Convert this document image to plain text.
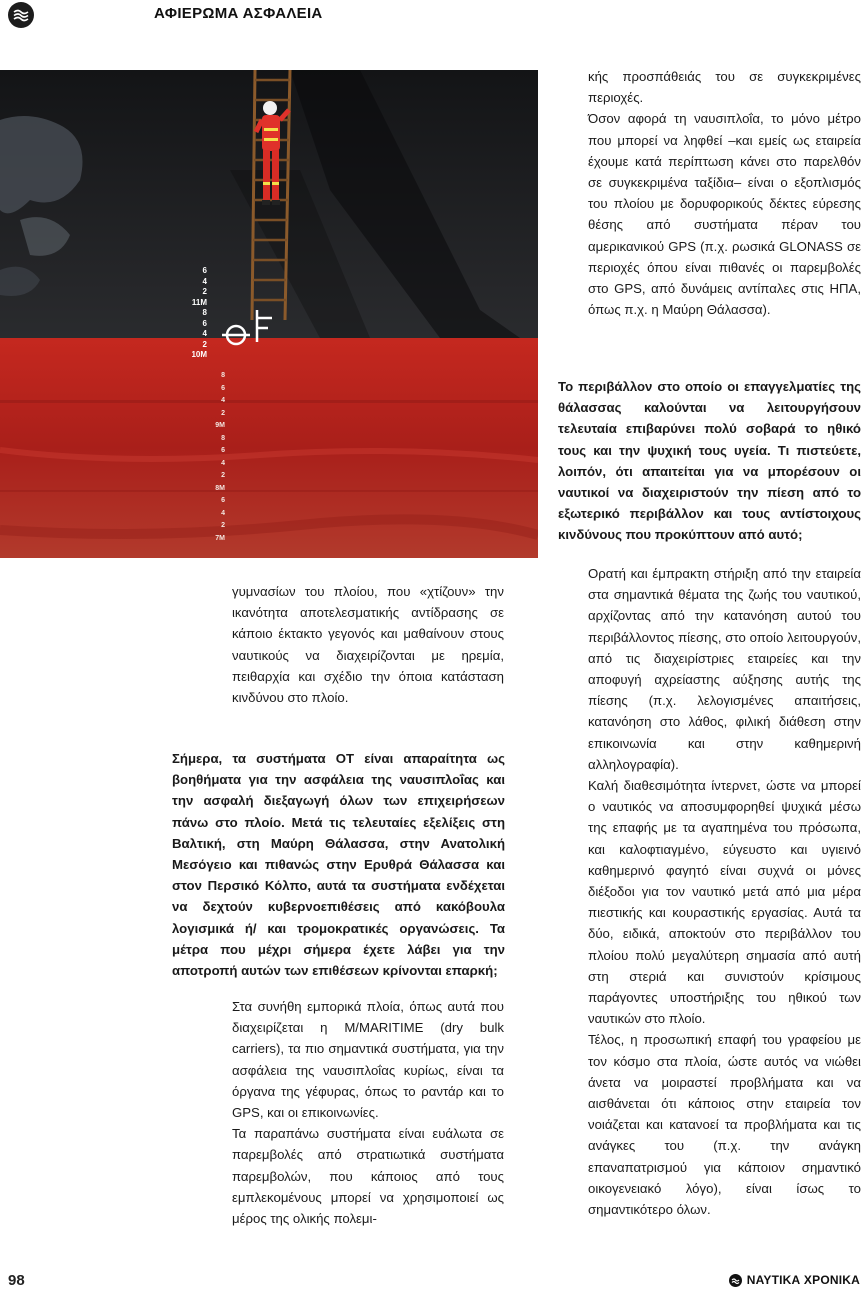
ΑΦΙΕΡΩΜΑ ΑΣΦΑΛΕΙΑ
6
4
2
11M
8
6
4
2
10M
8
6
4
2
9M
8
6
4
2
8M
6
4
2
7M

γυμνασίων του πλοίου, που «χτίζουν» την ικανότητα αποτελεσματικής αντίδρασης σε κάποιο έκτακτο γεγονός και μαθαίνουν στους ναυτικούς να διαχειρίζονται με ηρεμία, πειθαρχία και σχέδιο την όποια κατάσταση κινδύνου στο πλοίο.

Σήμερα, τα συστήματα ΟΤ είναι απαραίτητα ως βοηθήματα για την ασφάλεια της ναυσιπλοΐας και την ασφαλή διεξαγωγή όλων των επιχειρήσεων πάνω στο πλοίο. Μετά τις τελευταίες εξελίξεις στη Βαλτική, στη Μαύρη Θάλασσα, στην Ανατολική Μεσόγειο και πιθανώς στην Ερυθρά Θάλασσα και στον Περσικό Κόλπο, αυτά τα συστήματα ενδέχεται να δεχτούν κυβερνοεπιθέσεις από κακόβουλα λογισμικά ή/ και τρομοκρατικές οργανώσεις. Τα μέτρα που μέχρι σήμερα έχετε λάβει για την αποτροπή αυτών των επιθέσεων κρίνονται επαρκή;

Στα συνήθη εμπορικά πλοία, όπως αυτά που διαχειρίζεται η M/MARITIME (dry bulk carriers), τα πιο σημαντικά συστήματα, για την ασφάλεια της ναυσιπλοΐας κυρίως, είναι τα όργανα της γέφυρας, όπως το ραντάρ και το GPS, και οι επικοινωνίες.

Τα παραπάνω συστήματα είναι ευάλωτα σε παρεμβολές από στρατιωτικά συστήματα παρεμβολών, που κάποιος από τους εμπλεκομένους μπορεί να χρησιμοποιεί ως μέρος της ολικής πολεμι-

κής προσπάθειάς του σε συγκεκριμένες περιοχές.

Όσον αφορά τη ναυσιπλοΐα, το μόνο μέτρο που μπορεί να ληφθεί –και εμείς ως εταιρεία έχουμε κατά περίπτωση κάνει στο παρελθόν σε συγκεκριμένα ταξίδια– είναι ο εξοπλισμός του πλοίου με δορυφορικούς δέκτες εύρεσης θέσης από συστήματα πέραν του αμερικανικού GPS (π.χ. ρωσικά GLONASS σε περιοχές όπου είναι πιθανές οι παρεμβολές στο GPS, από δυνάμεις αντίπαλες στις ΗΠΑ, όπως π.χ. η Μαύρη Θάλασσα).

Το περιβάλλον στο οποίο οι επαγγελματίες της θάλασσας καλούνται να λειτουργήσουν τελευταία επιβαρύνει πολύ σοβαρά το ηθικό τους και την ψυχική τους υγεία. Τι πιστεύετε, λοιπόν, ότι απαιτείται για να μπορέσουν οι ναυτικοί να διαχειριστούν την πίεση από το εξωτερικό περιβάλλον και τους αντίστοιχους κινδύνους που προκύπτουν από αυτό;

Ορατή και έμπρακτη στήριξη από την εταιρεία στα σημαντικά θέματα της ζωής του ναυτικού, αρχίζοντας από την κατανόηση αυτού του περιβάλλοντος πίεσης, στο οποίο λειτουργούν, από τις διαχειρίστριες εταιρείες και την αποφυγή αχρείαστης αύξησης αυτής της πίεσης (π.χ. λελογισμένες απαιτήσεις, κατανόηση στο λάθος, φιλική διάθεση στην επικοινωνία και στην καθημερινή αλληλογραφία).

Καλή διαθεσιμότητα ίντερνετ, ώστε να μπορεί ο ναυτικός να αποσυμφορηθεί ψυχικά μέσω της επαφής με τα αγαπημένα του πρόσωπα, και καλοφτιαγμένο, εύγευστο και υγιεινό καθημερινό φαγητό είναι συχνά οι μόνες διέξοδοι για τον ναυτικό μετά από μια μέρα πιεστικής και κουραστικής εργασίας. Αυτά τα δύο, ειδικά, αποκτούν στο περιβάλλον του πλοίου πολύ μεγαλύτερη σημασία από αυτή στη στεριά και συνιστούν κρίσιμους παράγοντες υποστήριξης του ηθικού των ναυτικών στο πλοίο.

Τέλος, η προσωπική επαφή του γραφείου με τον κόσμο στα πλοία, ώστε αυτός να νιώθει άνετα να μοιραστεί προβλήματα και να αισθάνεται ότι κάποιος στην εταιρεία τον νοιάζεται και κατανοεί τα προβλήματα και τις ανάγκες του (π.χ. την ανάγκη επαναπατρισμού για κάποιον σημαντικό οικογενειακό λόγο), είναι ίσως το σημαντικότερο όλων.

98	ΝΑΥΤΙΚΑ ΧΡΟΝΙΚΑ
